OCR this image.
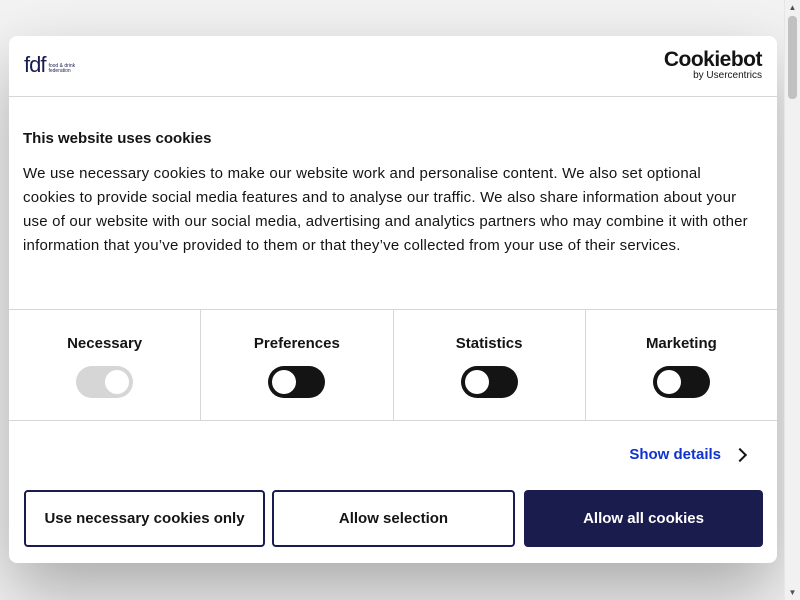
fdf food & drink
federation	Cookiebot
by Usercentrics
This website uses cookies

We use necessary cookies to make our website work and personalise content. We also set optional cookies to provide social media features and to analyse our traffic. We also share information about your use of our website with our social media, advertising and analytics partners who may combine it with other information that you’ve provided to them or that they’ve collected from your use of their services.

Necessary	Preferences	Statistics	Marketing
Show details
Use necessary cookies only	Allow selection	Allow all cookies
▲
▼
